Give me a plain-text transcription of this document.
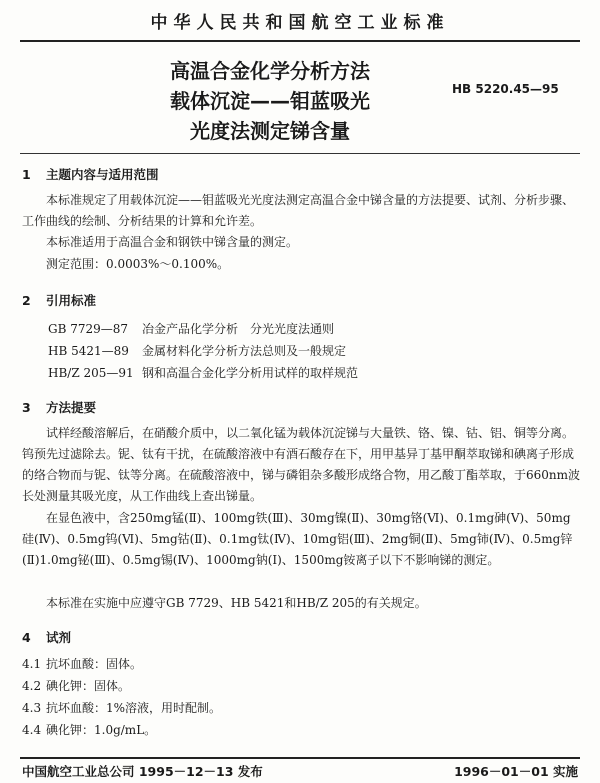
中华人民共和国航空工业标准
高温合金化学分析方法
载体沉淀——钼蓝吸光
光度法测定锑含量
HB 5220.45—95
1 主题内容与适用范围

本标准规定了用载体沉淀——钼蓝吸光光度法测定高温合金中锑含量的方法提要、试剂、分析步骤、工作曲线的绘制、分析结果的计算和允许差。

本标准适用于高温合金和钢铁中锑含量的测定。

测定范围：0.0003%～0.100%。

2 引用标准
GB 7729—87 冶金产品化学分析　分光光度法通则
HB 5421—89 金属材料化学分析方法总则及一般规定
HB/Z 205—91 钢和高温合金化学分析用试样的取样规范
3 方法提要

试样经酸溶解后，在硝酸介质中，以二氧化锰为载体沉淀锑与大量铁、铬、镍、钴、铝、铜等分离。钨预先过滤除去。铌、钛有干扰，在硫酸溶液中有酒石酸存在下，用甲基异丁基甲酮萃取锑和碘离子形成的络合物而与铌、钛等分离。在硫酸溶液中，锑与磷钼杂多酸形成络合物，用乙酸丁酯萃取，于660nm波长处测量其吸光度，从工作曲线上查出锑量。

在显色液中，含250mg锰(Ⅱ)、100mg铁(Ⅲ)、30mg镍(Ⅱ)、30mg铬(Ⅵ)、0.1mg砷(Ⅴ)、50mg硅(Ⅳ)、0.5mg钨(Ⅵ)、5mg钴(Ⅱ)、0.1mg钛(Ⅳ)、10mg铝(Ⅲ)、2mg铜(Ⅱ)、5mg铈(Ⅳ)、0.5mg锌(Ⅱ)1.0mg铋(Ⅲ)、0.5mg锡(Ⅳ)、1000mg钠(Ⅰ)、1500mg铵离子以下不影响锑的测定。

本标准在实施中应遵守GB 7729、HB 5421和HB/Z 205的有关规定。

4 试剂
4.1 抗坏血酸：固体。
4.2 碘化钾：固体。
4.3 抗坏血酸：1%溶液，用时配制。
4.4 碘化钾：1.0g/mL。
中国航空工业总公司 1995－12－13 发布	1996－01－01 实施
